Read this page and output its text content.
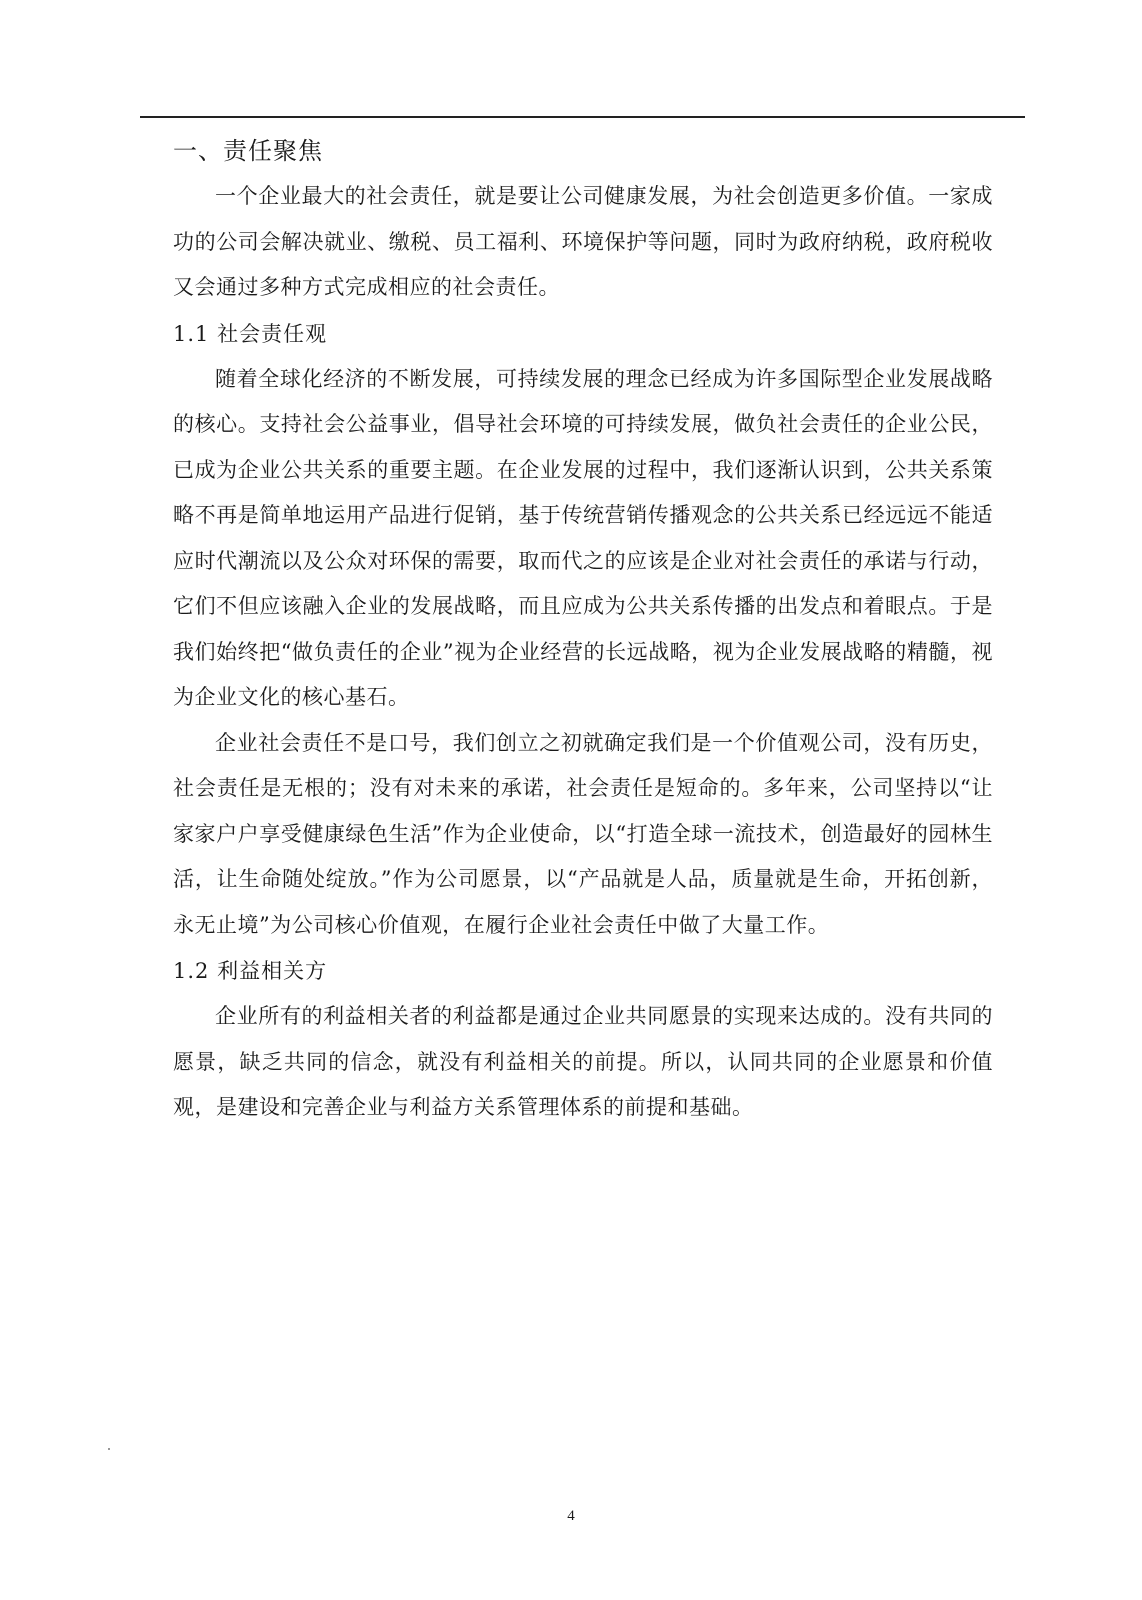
一、责任聚焦

一个企业最大的社会责任，就是要让公司健康发展，为社会创造更多价值。一家成功的公司会解决就业、缴税、员工福利、环境保护等问题，同时为政府纳税，政府税收又会通过多种方式完成相应的社会责任。

1.1 社会责任观

随着全球化经济的不断发展，可持续发展的理念已经成为许多国际型企业发展战略的核心。支持社会公益事业，倡导社会环境的可持续发展，做负社会责任的企业公民，已成为企业公共关系的重要主题。在企业发展的过程中，我们逐渐认识到，公共关系策略不再是简单地运用产品进行促销，基于传统营销传播观念的公共关系已经远远不能适应时代潮流以及公众对环保的需要，取而代之的应该是企业对社会责任的承诺与行动，它们不但应该融入企业的发展战略，而且应成为公共关系传播的出发点和着眼点。于是我们始终把“做负责任的企业”视为企业经营的长远战略，视为企业发展战略的精髓，视为企业文化的核心基石。

企业社会责任不是口号，我们创立之初就确定我们是一个价值观公司，没有历史，社会责任是无根的；没有对未来的承诺，社会责任是短命的。多年来，公司坚持以“让家家户户享受健康绿色生活”作为企业使命，以“打造全球一流技术，创造最好的园林生活，让生命随处绽放。”作为公司愿景，以“产品就是人品，质量就是生命，开拓创新，永无止境”为公司核心价值观，在履行企业社会责任中做了大量工作。

1.2 利益相关方

企业所有的利益相关者的利益都是通过企业共同愿景的实现来达成的。没有共同的愿景，缺乏共同的信念，就没有利益相关的前提。所以，认同共同的企业愿景和价值观，是建设和完善企业与利益方关系管理体系的前提和基础。

4
